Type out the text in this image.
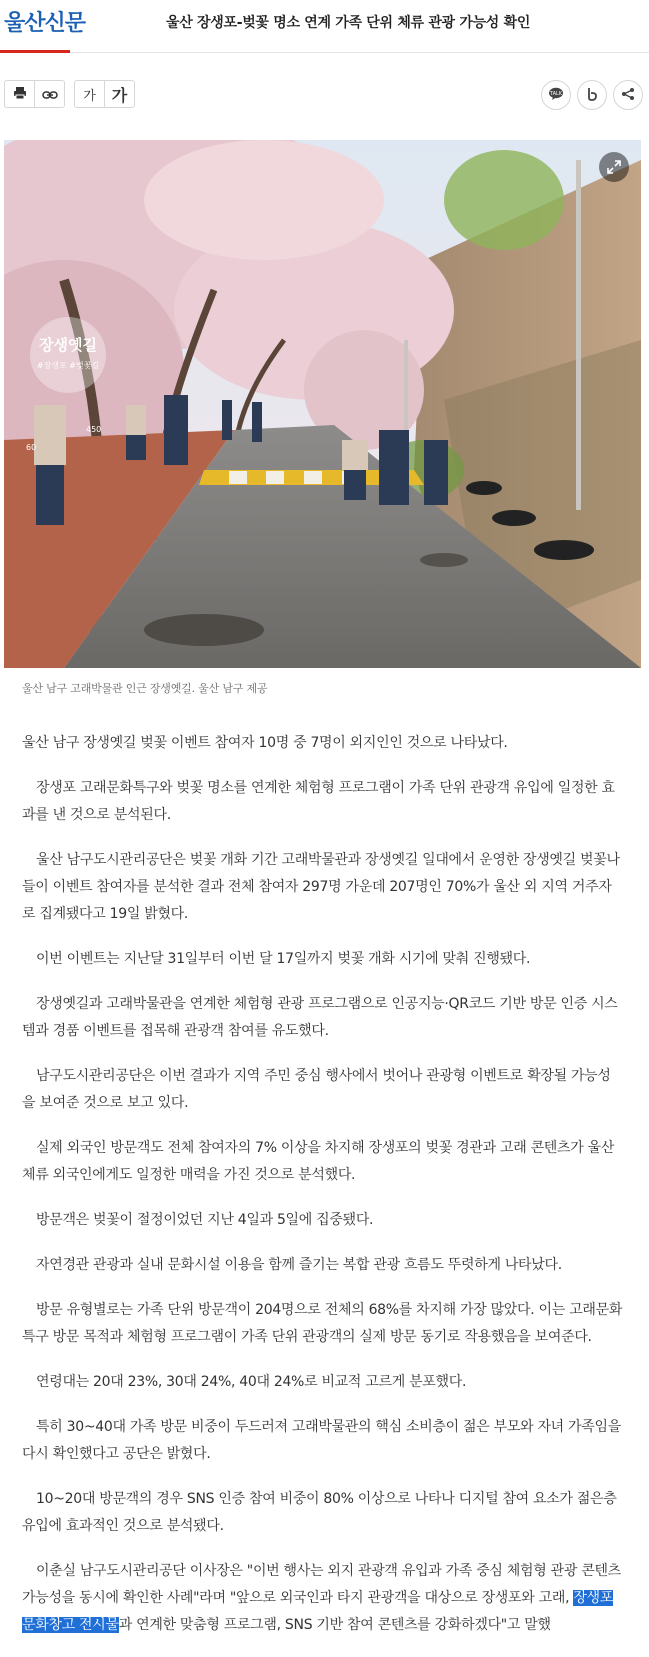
울산신문	울산 장생포-벚꽃 명소 연계 가족 단위 체류 관광 가능성 확인
가 가	TALK
장생옛길
#장생포 #벚꽃길
60
450
울산 남구 고래박물관 인근 장생옛길. 울산 남구 제공

울산 남구 장생옛길 벚꽃 이벤트 참여자 10명 중 7명이 외지인인 것으로 나타났다.

장생포 고래문화특구와 벚꽃 명소를 연계한 체험형 프로그램이 가족 단위 관광객 유입에 일정한 효과를 낸 것으로 분석된다.

울산 남구도시관리공단은 벚꽃 개화 기간 고래박물관과 장생옛길 일대에서 운영한 장생옛길 벚꽃나들이 이벤트 참여자를 분석한 결과 전체 참여자 297명 가운데 207명인 70%가 울산 외 지역 거주자로 집계됐다고 19일 밝혔다.

이번 이벤트는 지난달 31일부터 이번 달 17일까지 벚꽃 개화 시기에 맞춰 진행됐다.

장생옛길과 고래박물관을 연계한 체험형 관광 프로그램으로 인공지능·QR코드 기반 방문 인증 시스템과 경품 이벤트를 접목해 관광객 참여를 유도했다.

남구도시관리공단은 이번 결과가 지역 주민 중심 행사에서 벗어나 관광형 이벤트로 확장될 가능성을 보여준 것으로 보고 있다.

실제 외국인 방문객도 전체 참여자의 7% 이상을 차지해 장생포의 벚꽃 경관과 고래 콘텐츠가 울산 체류 외국인에게도 일정한 매력을 가진 것으로 분석했다.

방문객은 벚꽃이 절정이었던 지난 4일과 5일에 집중됐다.

자연경관 관광과 실내 문화시설 이용을 함께 즐기는 복합 관광 흐름도 뚜렷하게 나타났다.

방문 유형별로는 가족 단위 방문객이 204명으로 전체의 68%를 차지해 가장 많았다. 이는 고래문화특구 방문 목적과 체험형 프로그램이 가족 단위 관광객의 실제 방문 동기로 작용했음을 보여준다.

연령대는 20대 23%, 30대 24%, 40대 24%로 비교적 고르게 분포했다.

특히 30~40대 가족 방문 비중이 두드러져 고래박물관의 핵심 소비층이 젊은 부모와 자녀 가족임을 다시 확인했다고 공단은 밝혔다.

10~20대 방문객의 경우 SNS 인증 참여 비중이 80% 이상으로 나타나 디지털 참여 요소가 젊은층 유입에 효과적인 것으로 분석됐다.

이춘실 남구도시관리공단 이사장은 "이번 행사는 외지 관광객 유입과 가족 중심 체험형 관광 콘텐츠 가능성을 동시에 확인한 사례"라며 "앞으로 외국인과 타지 관광객을 대상으로 장생포와 고래, 장생포문화창고 전시물과 연계한 맞춤형 프로그램, SNS 기반 참여 콘텐츠를 강화하겠다"고 말했
